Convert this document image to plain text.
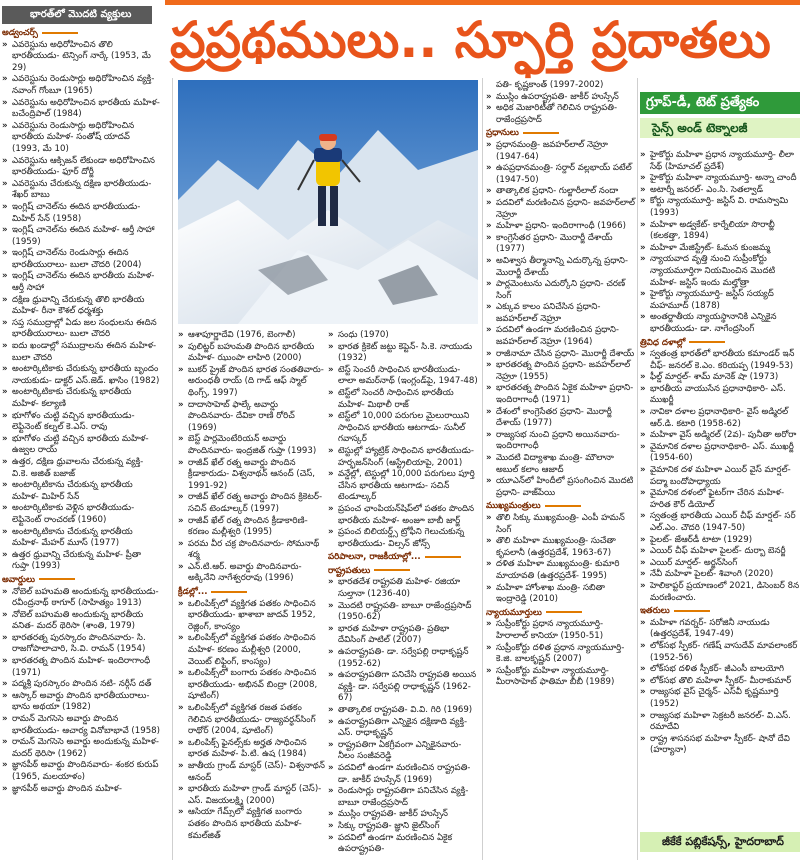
భారత్‌లో మొదటి వ్యక్తులు ప్రప్రథములు.. స్ఫూర్తి ప్రదాతలు
గ్రూప్-డీ, టెట్ ప్రత్యేకం
సైన్స్ అండ్ టెక్నాలజీ
అడ్వంచర్స్
» ఎవరెస్టును అధిరోహించిన తొలి భారతీయుడు- టెన్సింగ్ నార్కే (1953, మే 29)
» ఎవరెస్టును రెండుసార్లు అధిరోహించిన వ్యక్తి- నవాంగ్ గోంబూ (1965)
» ఎవరెస్టును అధిరోహించిన భారతీయ మహిళ- బచేంద్రిపాల్ (1984)
» ఎవరెస్టును రెండుసార్లు అధిరోహించిన భారతీయ మహిళ- సంతోష్ యాదవ్ (1993, మే 10)
» ఎవరెస్టును ఆక్సిజన్ లేకుండా అధిరోహించిన భారతీయుడు- ఫూర్ దోర్జీ
» ఎవరెస్టును చేరుకున్న దక్షిణ భారతీయుడు- శేఖర్ బాబు
» ఇంగ్లిష్ చానెల్‌ను ఈదిన భారతీయుడు- మిహిర్ సేన్ (1958)
» ఇంగ్లిష్ చానెల్‌ను ఈదిన మహిళ- ఆర్తీ సాహా (1959)
» ఇంగ్లిష్ చానెల్‌ను రెండుసార్లు ఈదిన భారతీయురాలు- బులా చౌదరి (2004)
» ఇంగ్లిష్ చానెల్‌ను ఈదిన భారతీయ మహిళ- ఆర్తీ సాహా
» దక్షిణ ధ్రువాన్ని చేరుకున్న తొలి భారతీయ మహిళ- రీనా కౌశల్ ధర్మశక్తు
» సప్త సముద్రాల్లో ఏడు జల సంధులను ఈదిన భారతీయురాలు- బులా చౌదరి
» ఐదు ఖండాల్లో సముద్రాలను ఈదిన మహిళ- బులా చౌదరి
» అంటార్కిటికాకు చేరుకున్న భారతీయ బృందం నాయకుడు- డాక్టర్ ఎస్.జెడ్. ఖాసిం (1982)
» అంటార్కిటికాకు చేరుకున్న భారతీయ మహిళ- కల్యాణి
» భూగోళం చుట్టి వచ్చిన భారతీయుడు- లెఫ్టినెంట్ కల్నల్ కె.ఎస్. రావు
» భూగోళం చుట్టి వచ్చిన భారతీయ మహిళ- ఉజ్వల రాయ్
» ఉత్తర, దక్షిణ ధ్రువాలను చేరుకున్న వ్యక్తి- వి.కె. అజిత్ బజాజ్
» అంటార్కిటికాను చేరుకున్న భారతీయ మహిళ- మిహిర్ సేన్
» అంటార్కిటికాకు వెళ్లిన భారతీయుడు- లెఫ్టినెంట్ రాంచరణ్ (1960)
» అంటార్కిటికాను చేరుకున్న భారతీయ మహిళ- మేహర్ మూస్ (1977)
» ఉత్తర ధ్రువాన్ని చేరుకున్న మహిళ- ప్రీతా గుప్తా (1993)
అవార్డులు
» నోబెల్ బహుమతి అందుకున్న భారతీయుడు- రవీంద్రనాథ్ ఠాగూర్ (సాహిత్యం 1913)
» నోబెల్ బహుమతి అందుకున్న భారతీయ వనిత- మదర్ థెరిసా (శాంతి, 1979)
» భారతరత్న పురస్కారం పొందినవారు- సి. రాజగోపాలాచారి, సి.వి. రామన్ (1954)
» భారతరత్న పొందిన మహిళ- ఇందిరాగాంధీ (1971)
» పద్మశ్రీ పురస్కారం పొందిన నటి- నర్గీస్ దత్
» ఆస్కార్ అవార్డు పొందిన భారతీయురాలు- భాను అథయా (1982)
» రామన్ మెగసెసె అవార్డు పొందిన భారతీయుడు- ఆచార్య వినోబాభావే (1958)
» రామన్ మెగసెసె అవార్డు అందుకున్న మహిళ- మదర్ థెరిసా (1962)
» జ్ఞానపీఠ్ అవార్డు పొందినవారు- శంకర కురుప్ (1965, మలయాళం)
» జ్ఞానపీఠ్ అవార్డు పొందిన మహిళ-
» ఆశాపూర్ణాదేవి (1976, బెంగాలీ)
» పులిట్జర్ బహుమతి పొందిన భారతీయ మహిళ- ఝుంపా లాహిరి (2000)
» బుకర్ ప్రైజ్ పొందిన భారత సంతతివారు- అరుంధతీ రాయ్ (ది గాడ్ ఆఫ్ స్మాల్ థింగ్స్, 1997)
» దాదాసాహెబ్ ఫాల్కే అవార్డు పొందినవారు- దేవికా రాణి రోరిచ్ (1969)
» బెస్ట్ పార్లమెంటేరియన్ అవార్డు పొందినవారు- ఇంద్రజిత్ గుప్తా (1993)
» రాజీవ్ ఖేల్ రత్న అవార్డు పొందిన క్రీడాకారుడు- విశ్వనాథన్ ఆనంద్ (చెస్, 1991-92)
» రాజీవ్ ఖేల్ రత్న అవార్డు పొందిన క్రికెటర్- సచిన్ టెండూల్కర్ (1997)
» రాజీవ్ ఖేల్ రత్న పొందిన క్రీడాకారిణి- కరణం మల్లీశ్వరి (1995)
» పరమ వీర చక్ర పొందినవారు- సోమనాథ్ శర్మ
» ఎన్.టి.ఆర్. అవార్డు పొందినవారు- అక్కినేని నాగేశ్వరరావు (1996)
క్రీడల్లో...
» ఒలింపిక్స్‌లో వ్యక్తిగత పతకం సాధించిన భారతీయుడు- ఖాశాబా జాదవ్ 1952, రెజ్లింగ్, కాంస్యం
» ఒలింపిక్స్‌లో వ్యక్తిగత పతకం సాధించిన మహిళ- కరణం మల్లీశ్వరి (2000, వెయిట్ లిఫ్టింగ్, కాంస్యం)
» ఒలింపిక్స్‌లో బంగారు పతకం సాధించిన భారతీయుడు- అభినవ్ బింద్రా (2008, షూటింగ్)
» ఒలింపిక్స్‌లో వ్యక్తిగత రజత పతకం గెలిచిన భారతీయుడు- రాజ్యవర్ధన్‌సింగ్ రాథోర్ (2004, షూటింగ్)
» ఒలింపిక్స్ ఫైనల్స్‌కు అర్హత సాధించిన భారత మహిళ- పి.టి. ఉష (1984)
» జాతీయ గ్రాండ్ మాస్టర్ (చెస్)- విశ్వనాథన్ ఆనంద్
» భారతీయ మహిళా గ్రాండ్ మాస్టర్ (చెస్)- ఎస్. విజయలక్ష్మి (2000)
» ఆసియా గేమ్స్‌లో వ్యక్తిగత బంగారు పతకం పొందిన భారతీయ మహిళ- కమల్‌జిత్
» సంధు (1970)
» భారత క్రికెట్ జట్టు కెప్టెన్- సి.కె. నాయుడు (1932)
» టెస్ట్ సెంచరీ సాధించిన భారతీయుడు- లాలా అమర్‌నాథ్ (ఇంగ్లండ్‌పై, 1947-48)
» టెస్ట్‌లో సెంచరీ సాధించిన భారతీయ మహిళ- మిథాలీ రాజ్
» టెస్ట్‌లో 10,000 పరుగుల మైలురాయిని సాధించిన భారతీయ ఆటగాడు- సునీల్ గవాస్కర్
» టెస్టుల్లో హ్యాట్రిక్ సాధించిన భారతీయుడు- హర్భజన్‌సింగ్ (ఆస్ట్రేలియాపై, 2001)
» వన్డేల్లో, టెస్టుల్లో 10,000 పరుగులు పూర్తి చేసిన భారతీయ ఆటగాడు- సచిన్ టెండూల్కర్
» ప్రపంచ ఛాంపియన్‌షిప్‌లో పతకం పొందిన భారతీయ మహిళ- అంజూ బాబీ జార్జ్
» ప్రపంచ బిలియర్డ్స్ ట్రోఫీని గెలుచుకున్న భారతీయుడు- విల్సన్ జోన్స్
పరిపాలనా, రాజకీయాల్లో...
రాష్ట్రపతులు
» భారతదేశ రాష్ట్రపతి మహిళ- రజియా సుల్తానా (1236-40)
» మొదటి రాష్ట్రపతి- బాబూ రాజేంద్రప్రసాద్ (1950-62)
» భారత మహిళా రాష్ట్రపతి- ప్రతిభా దేవిసింగ్ పాటిల్ (2007)
» ఉపరాష్ట్రపతి- డా. సర్వేపల్లి రాధాకృష్ణన్ (1952-62)
» ఉపరాష్ట్రపతిగా పనిచేసి రాష్ట్రపతి అయిన వ్యక్తి- డా. సర్వేపల్లి రాధాకృష్ణన్ (1962-67)
» తాత్కాలిక రాష్ట్రపతి- వి.వి. గిరి (1969)
» ఉపరాష్ట్రపతిగా ఎన్నికైన దక్షిణాది వ్యక్తి- ఎస్. రాధాకృష్ణన్
» రాష్ట్రపతిగా ఏకగ్రీవంగా ఎన్నికైనవారు- నీలం సంజీవరెడ్డి
» పదవిలో ఉండగా మరణించిన రాష్ట్రపతి- డా. జాకీర్ హుస్సేన్ (1969)
» రెండుసార్లు రాష్ట్రపతిగా పనిచేసిన వ్యక్తి- బాబూ రాజేంద్రప్రసాద్
» ముస్లిం రాష్ట్రపతి- జాకీర్ హుస్సేన్
» సిక్కు రాష్ట్రపతి- జ్ఞాని జైల్‌సింగ్
» పదవిలో ఉండగా మరణించిన ఏకైక ఉపరాష్ట్రపతి-
పతి- కృష్ణకాంత్ (1997-2002)
» ముస్లిం ఉపరాష్ట్రపతి- జాకీర్ హుస్సేన్
» అధిక మెజారిటీతో గెలిచిన రాష్ట్రపతి- రాజేంద్రప్రసాద్
ప్రధానులు
» ప్రధానమంత్రి- జవహర్‌లాల్ నెహ్రూ (1947-64)
» ఉపప్రధానమంత్రి- సర్దార్ వల్లభాయ్ పటేల్ (1947-50)
» తాత్కాలిక ప్రధాని- గుల్జారీలాల్ నందా
» పదవిలో మరణించిన ప్రధాని- జవహర్‌లాల్ నెహ్రూ
» మహిళా ప్రధాని- ఇందిరాగాంధీ (1966)
» కాంగ్రెసేతర ప్రధాని- మొరార్జీ దేశాయ్ (1977)
» అవిశ్వాస తీర్మానాన్ని ఎదుర్కొన్న ప్రధాని- మొరార్జీ దేశాయ్
» పార్లమెంటును ఎదుర్కోని ప్రధాని- చరణ్ సింగ్
» ఎక్కువ కాలం పనిచేసిన ప్రధాని- జవహర్‌లాల్ నెహ్రూ
» పదవిలో ఉండగా మరణించిన ప్రధాని- జవహర్‌లాల్ నెహ్రూ (1964)
» రాజీనామా చేసిన ప్రధాని- మొరార్జీ దేశాయ్
» భారతరత్న పొందిన ప్రధాని- జవహర్‌లాల్ నెహ్రూ (1955)
» భారతరత్న పొందిన ఏకైక మహిళా ప్రధాని- ఇందిరాగాంధీ (1971)
» దేశంలో కాంగ్రెసేతర ప్రధాని- మొరార్జీ దేశాయ్ (1977)
» రాజ్యసభ నుంచి ప్రధాని అయినవారు- ఇందిరాగాంధీ
» మొదటి విద్యాశాఖ మంత్రి- మౌలానా అబుల్ కలాం ఆజాద్
» యూఎన్‌లో హిందీలో ప్రసంగించిన మొదటి ప్రధాని- వాజ్‌పేయి
ముఖ్యమంత్రులు
» తొలి సిక్కు ముఖ్యమంత్రి- ఎంపీ హమన్ సింగ్
» తొలి మహిళా ముఖ్యమంత్రి- సుచేతా కృపలానీ (ఉత్తరప్రదేశ్, 1963-67)
» దళిత మహిళా ముఖ్యమంత్రి- కుమారి మాయావతి (ఉత్తరప్రదేశ్- 1995)
» మహిళా హోంశాఖ మంత్రి- సబితా ఇంద్రారెడ్డి (2010)
న్యాయమూర్తులు
» సుప్రీంకోర్టు ప్రధాన న్యాయమూర్తి- హిరాలాల్ కానియా (1950-51)
» సుప్రీంకోర్టు దళిత ప్రధాన న్యాయమూర్తి- కె.జి. బాలకృష్ణన్ (2007)
» సుప్రీంకోర్టు మహిళా న్యాయమూర్తి- మీరాసాహెబ్ ఫాతిమా బీబీ (1989)
» హైకోర్టు మహిళా ప్రధాన న్యాయమూర్తి- లీలా సేథ్ (హిమాచల్ ప్రదేశ్)
» హైకోర్టు మహిళా న్యాయమూర్తి- అన్నా చాందీ
» అటార్నీ జనరల్- ఎం.సి. సెతల్వాడ్
» కోర్టు న్యాయమూర్తి- జస్టిస్ వి. రామస్వామి (1993)
» మహిళా అడ్వకేట్- కార్నేలియా సొరాబ్జీ (కలకత్తా, 1894)
» మహిళా మేజిస్ట్రేట్- ఓమన కుంజమ్మ
» న్యాయవాద వృత్తి నుంచి సుప్రీంకోర్టు న్యాయమూర్తిగా నియమించిన మొదటి మహిళ- జస్టిస్ ఇందు మల్హోత్రా
» హైకోర్టు న్యాయమూర్తి- జస్టిస్ సయ్యద్ మహమూద్ (1878)
» అంతర్జాతీయ న్యాయస్థానానికి ఎన్నికైన భారతీయుడు- డా. నాగేంద్రసింగ్
త్రివిధ దళాల్లో
» స్వతంత్ర భారత్‌లో భారతీయ కమాండర్ ఇన్ చీఫ్- జనరల్ కె.ఎం. కరియప్ప (1949-53)
» ఫీల్డ్ మార్షల్- శామ్ మానెక్ షా (1973)
» భారతీయ వాయుసేన ప్రధానాధికారి- ఎస్. ముఖర్జీ
» నావికా దళాల ప్రధానాధికారి- వైస్ అడ్మిరల్ ఆర్.డి. కటారి (1958-62)
» మహిళా వైస్ అడ్మిరల్ (2వ)- పునీతా అరోరా
» వైమానిక దళాల ప్రధానాధికారి- ఎస్. ముఖర్జీ (1954-60)
» వైమానిక దళ మహిళా ఎయిర్ వైస్ మార్షల్- పద్మా బందోపాధ్యాయ
» వైమానిక దళంలో ఫైటర్‌గా చేరిన మహిళ- హరిత కౌర్ డియోల్
» స్వతంత్ర భారతీయ ఎయిర్ చీఫ్ మార్షల్- సర్ ఎల్.ఎం. చౌదరి (1947-50)
» పైలట్- జేఆర్‌డీ టాటా (1929)
» ఎయిర్ చీఫ్ మహిళా పైలట్- దుర్బా బెనర్జీ
» ఎయిర్ మార్షల్- అర్జన్‌సింగ్
» నేవీ మహిళా పైలట్- శివాంగి (2020)
» హెలికాప్టర్ ప్రయాణంలో 2021, డిసెంబర్ 8న మరణించారు.
ఇతరులు
» మహిళా గవర్నర్- సరోజినీ నాయుడు (ఉత్తరప్రదేశ్, 1947-49)
» లోక్‌సభ స్పీకర్- గణేష్ వాసుదేవ్ మావలాంకర్ (1952-56)
» లోక్‌సభ దళిత స్పీకర్- జీఎంసీ బాలయోగి
» లోక్‌సభ తొలి మహిళా స్పీకర్- మీరాకుమార్
» రాజ్యసభ వైస్ చైర్మన్- ఎస్‌వీ కృష్ణమూర్తి (1952)
» రాజ్యసభ మహిళా సెక్రటరీ జనరల్- వి.ఎస్. రమాదేవి
» రాష్ట్ర శాసనసభ మహిళా స్పీకర్- షానో దేవి (హర్యానా)
జీకేకే పబ్లికేషన్స్, హైదరాబాద్
